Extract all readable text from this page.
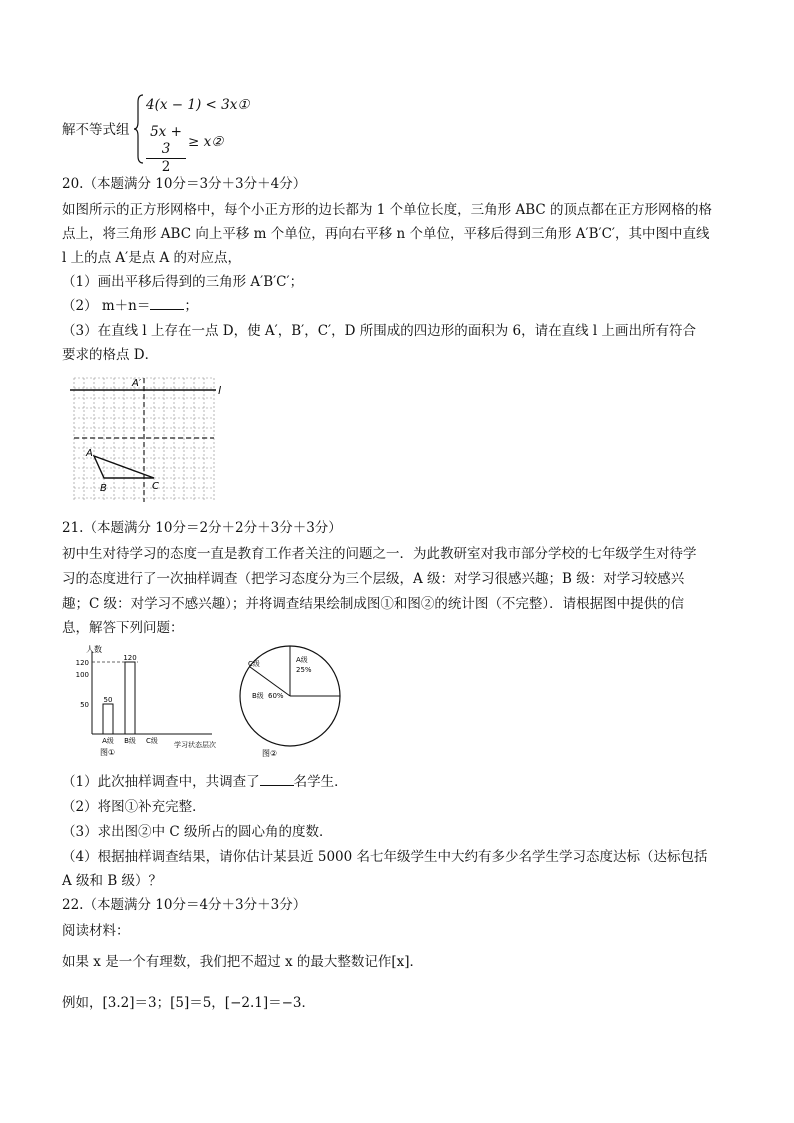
解不等式组
4(x − 1) < 3x①
$\frac{5x + 3}{2}$ ≥ x②
20.（本题满分 10分＝3分＋3分＋4分）
如图所示的正方形网格中，每个小正方形的边长都为 1 个单位长度，三角形 ABC 的顶点都在正方形网格的格
点上，将三角形 ABC 向上平移 m 个单位，再向右平移 n 个单位，平移后得到三角形 A′B′C′，其中图中直线
l 上的点 A′是点 A 的对应点，
（1）画出平移后得到的三角形 A′B′C′；
（2） m＋n＝	；
（3）在直线 l 上存在一点 D，使 A′，B′，C′，D 所围成的四边形的面积为 6，请在直线 l 上画出所有符合
要求的格点 D．
A
B	C
A′
l
21.（本题满分 10分＝2分＋2分＋3分＋3分）
初中生对待学习的态度一直是教育工作者关注的问题之一．为此教研室对我市部分学校的七年级学生对待学
习的态度进行了一次抽样调查（把学习态度分为三个层级，A 级：对学习很感兴趣；B 级：对学习较感兴
趣；C 级：对学习不感兴趣）；并将调查结果绘制成图①和图②的统计图（不完整）．请根据图中提供的信
息，解答下列问题：
50
100
120
50
A级
120
B级 C级
人数
学习状态层次
图①
A级
25%
B级 60%
C级
图②
（1）此次抽样调查中，共调查了	名学生．
（2）将图①补充完整．
（3）求出图②中 C 级所占的圆心角的度数．
（4）根据抽样调查结果，请你估计某县近 5000 名七年级学生中大约有多少名学生学习态度达标（达标包括
A 级和 B 级）？
22.（本题满分 10分＝4分＋3分＋3分）
阅读材料：
如果 x 是一个有理数，我们把不超过 x 的最大整数记作[x]．
例如，[3.2]＝3；[5]＝5，[−2.1]＝−3．
